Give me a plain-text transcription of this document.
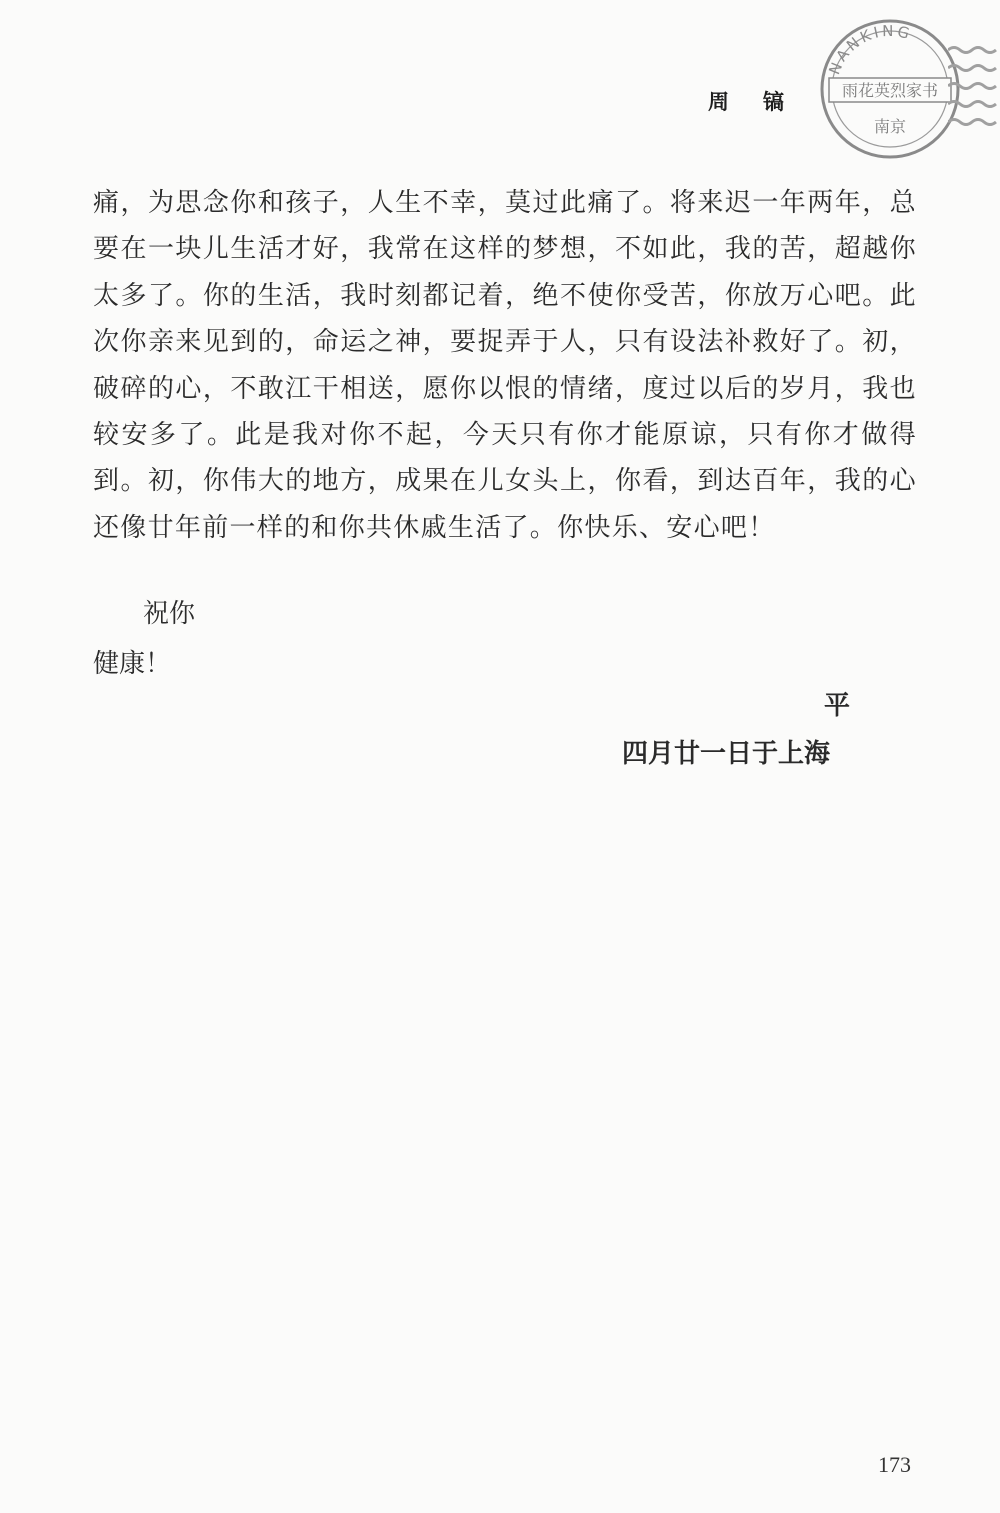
周镐
NANKING
雨花英烈家书
南京

痛，为思念你和孩子，人生不幸，莫过此痛了。将来迟一年两年，总要在一块儿生活才好，我常在这样的梦想，不如此，我的苦，超越你太多了。你的生活，我时刻都记着，绝不使你受苦，你放万心吧。此次你亲来见到的，命运之神，要捉弄于人，只有设法补救好了。初，破碎的心，不敢江干相送，愿你以恨的情绪，度过以后的岁月，我也较安多了。此是我对你不起，今天只有你才能原谅，只有你才做得到。初，你伟大的地方，成果在儿女头上，你看，到达百年，我的心还像廿年前一样的和你共休戚生活了。你快乐、安心吧！

祝你

健康！

平

四月廿一日于上海

173
